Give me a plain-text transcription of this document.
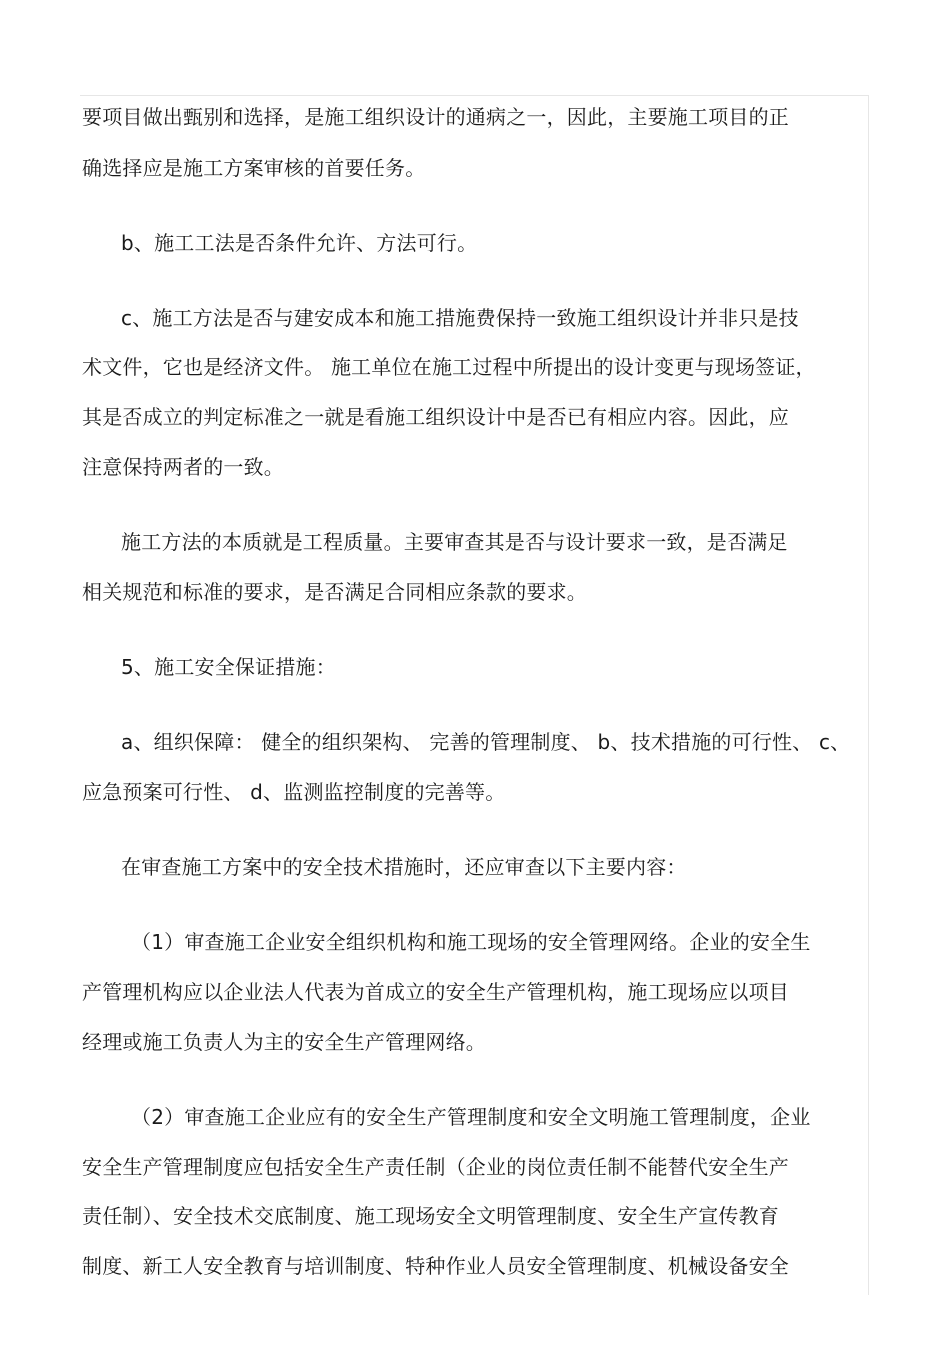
要项目做出甄别和选择，是施工组织设计的通病之一，因此，主要施工项目的正
确选择应是施工方案审核的首要任务。
b、施工工法是否条件允许、方法可行。
c、施工方法是否与建安成本和施工措施费保持一致施工组织设计并非只是技
术文件，它也是经济文件。 施工单位在施工过程中所提出的设计变更与现场签证，
其是否成立的判定标准之一就是看施工组织设计中是否已有相应内容。因此，应
注意保持两者的一致。
施工方法的本质就是工程质量。主要审查其是否与设计要求一致，是否满足
相关规范和标准的要求，是否满足合同相应条款的要求。
5、施工安全保证措施：
a、组织保障： 健全的组织架构、 完善的管理制度、 b、技术措施的可行性、 c、
应急预案可行性、 d、监测监控制度的完善等。
在审查施工方案中的安全技术措施时，还应审查以下主要内容：
（1）审查施工企业安全组织机构和施工现场的安全管理网络。企业的安全生
产管理机构应以企业法人代表为首成立的安全生产管理机构，施工现场应以项目
经理或施工负责人为主的安全生产管理网络。
（2）审查施工企业应有的安全生产管理制度和安全文明施工管理制度，企业
安全生产管理制度应包括安全生产责任制（企业的岗位责任制不能替代安全生产
责任制）、安全技术交底制度、施工现场安全文明管理制度、安全生产宣传教育
制度、新工人安全教育与培训制度、特种作业人员安全管理制度、机械设备安全
